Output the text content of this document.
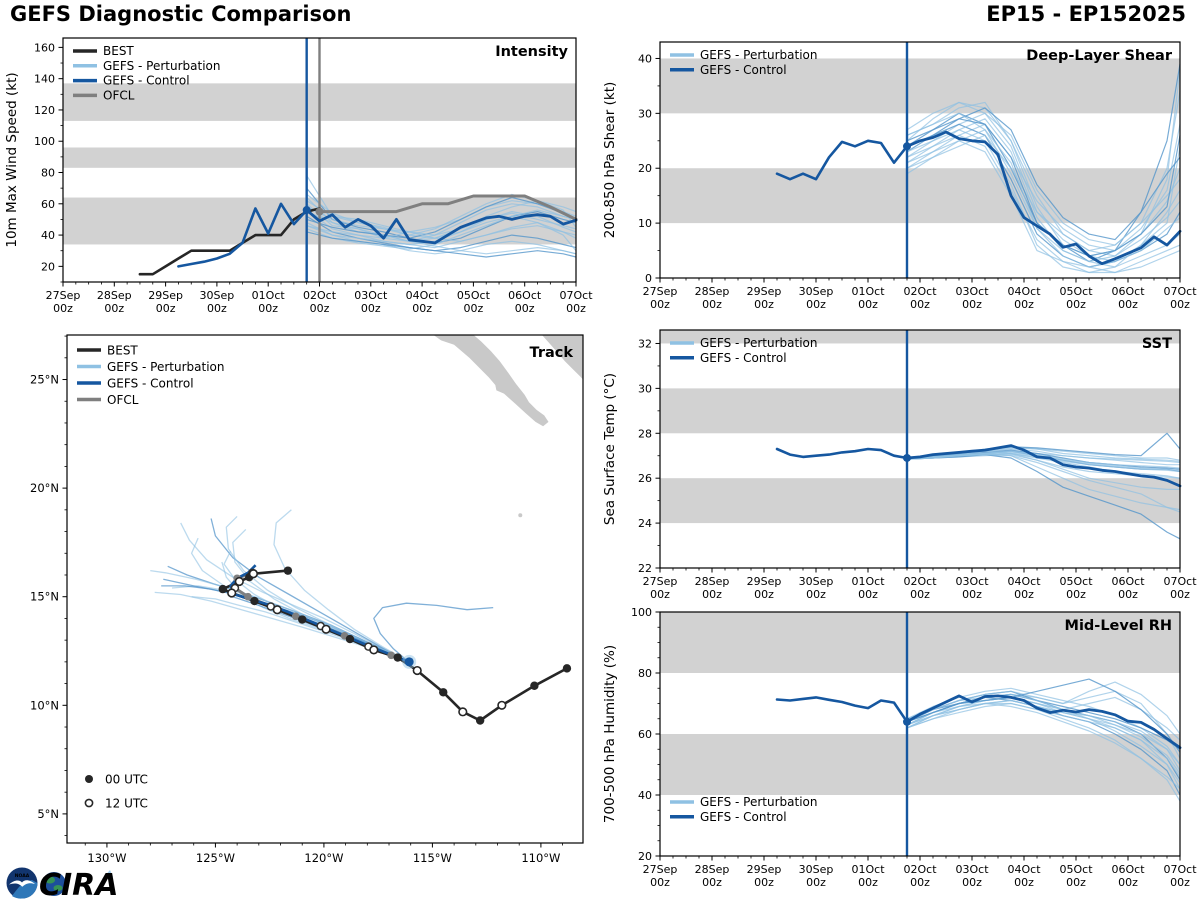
GEFS Diagnostic Comparison	EP15 - EP152025
27Sep
00z
28Sep
00z
29Sep
00z
30Sep
00z
01Oct
00z
02Oct
00z
03Oct
00z
04Oct
00z
05Oct
00z
06Oct
00z
07Oct
00z
20
40
60
80
100
120
140
160
10m Max Wind Speed (kt)
Intensity
BEST
GEFS - Perturbation
GEFS - Control
OFCL
27Sep
00z
28Sep
00z
29Sep
00z
30Sep
00z
01Oct
00z
02Oct
00z
03Oct
00z
04Oct
00z
05Oct
00z
06Oct
00z
07Oct
00z
0
10
20
30
40
200-850 hPa Shear (kt)
Deep-Layer Shear
GEFS - Perturbation
GEFS - Control
27Sep
00z
28Sep
00z
29Sep
00z
30Sep
00z
01Oct
00z
02Oct
00z
03Oct
00z
04Oct
00z
05Oct
00z
06Oct
00z
07Oct
00z
22
24
26
28
30
32
Sea Surface Temp (°C)
SST
GEFS - Perturbation
GEFS - Control
27Sep
00z
28Sep
00z
29Sep
00z
30Sep
00z
01Oct
00z
02Oct
00z
03Oct
00z
04Oct
00z
05Oct
00z
06Oct
00z
07Oct
00z
20
40
60
80
100
700-500 hPa Humidity (%)
Mid-Level RH
GEFS - Perturbation
GEFS - Control
130°W	125°W	120°W	115°W	110°W
5°N
10°N
15°N
20°N
25°N
Track
BEST
GEFS - Perturbation
GEFS - Control
OFCL
00 UTC
12 UTC
NOAA CIRA
